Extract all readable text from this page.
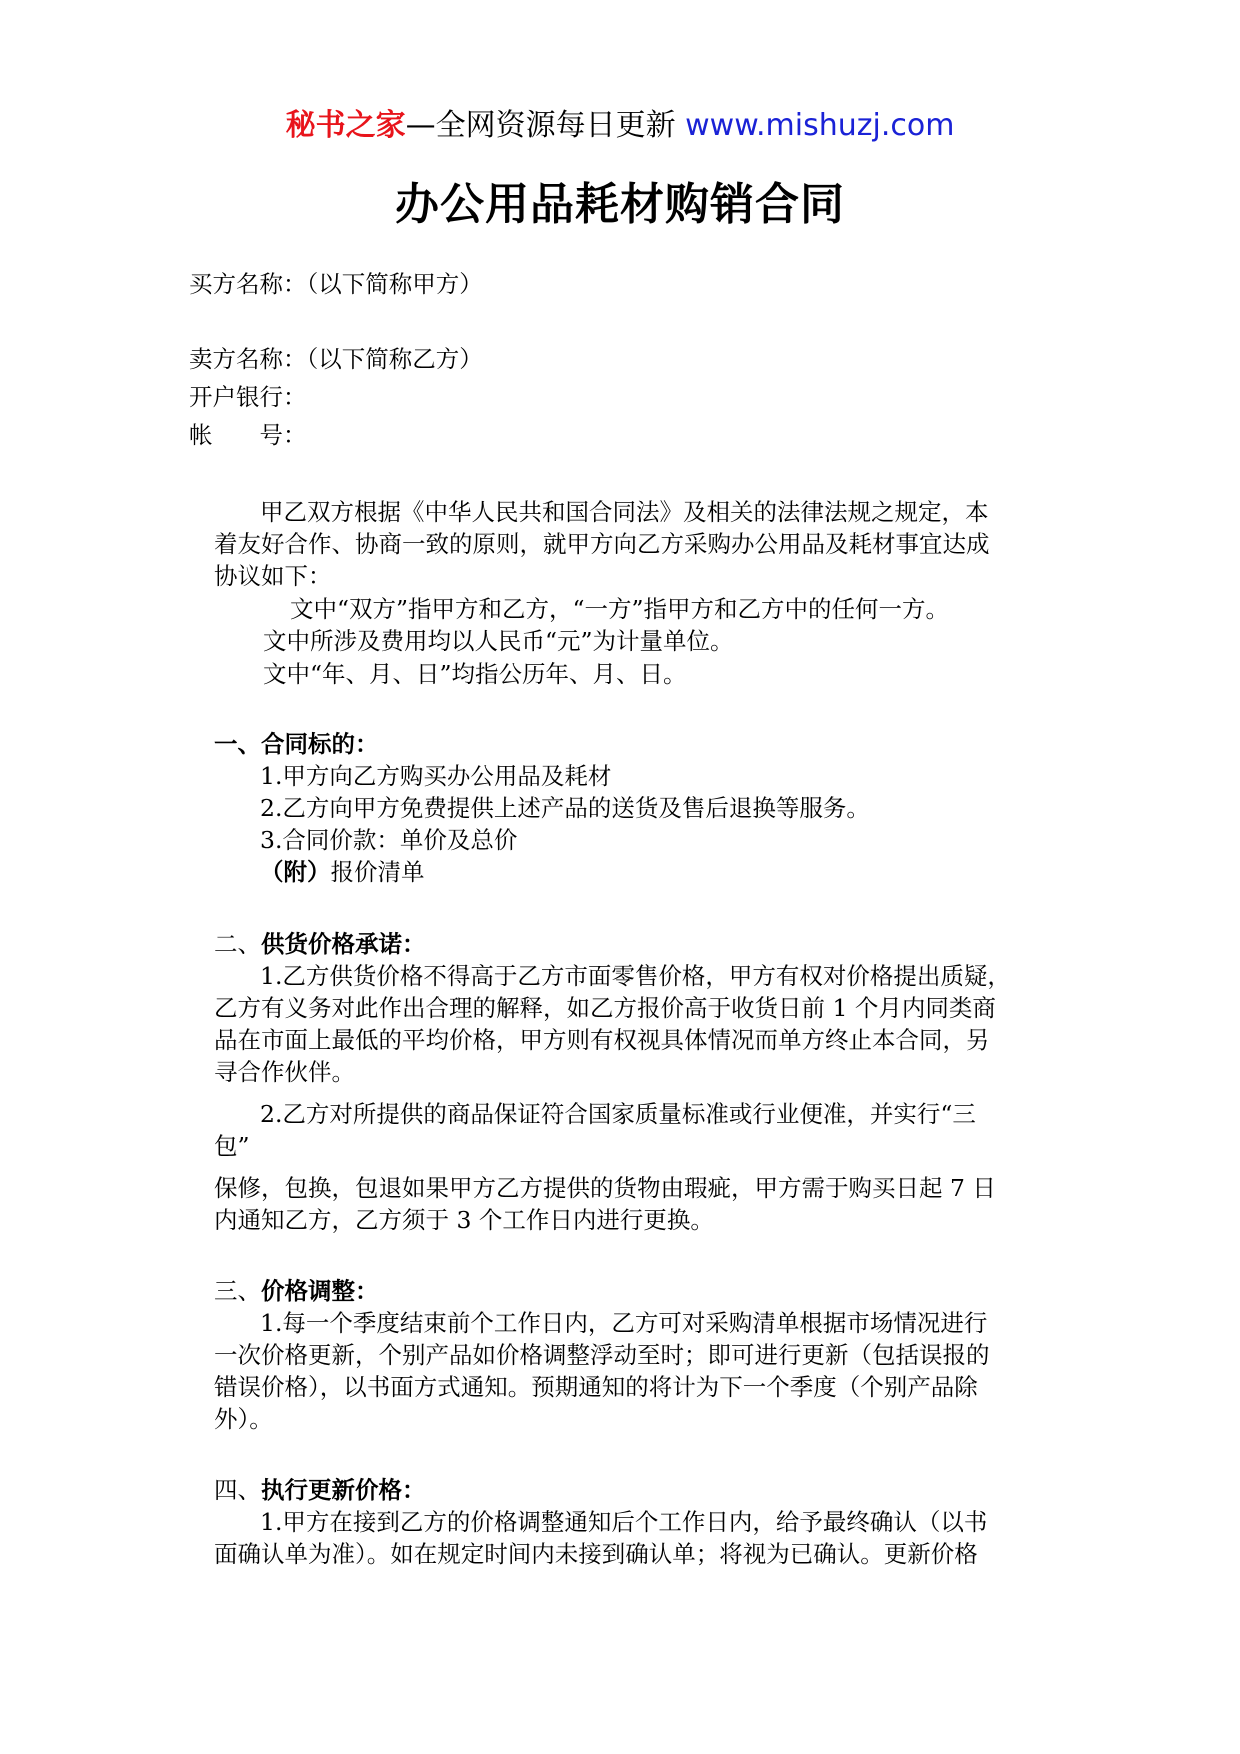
秘书之家—全网资源每日更新 www.mishuzj.com
办公用品耗材购销合同
买方名称：（以下简称甲方）
卖方名称：（以下简称乙方）
开户银行：
帐　　号：
甲乙双方根据《中华人民共和国合同法》及相关的法律法规之规定，本
着友好合作、协商一致的原则，就甲方向乙方采购办公用品及耗材事宜达成
协议如下：
文中“双方”指甲方和乙方，“一方”指甲方和乙方中的任何一方。
文中所涉及费用均以人民币“元”为计量单位。
文中“年、月、日”均指公历年、月、日。
一、合同标的：
1.甲方向乙方购买办公用品及耗材
2.乙方向甲方免费提供上述产品的送货及售后退换等服务。
3.合同价款：单价及总价
（附）报价清单
二、供货价格承诺：
1.乙方供货价格不得高于乙方市面零售价格，甲方有权对价格提出质疑，
乙方有义务对此作出合理的解释，如乙方报价高于收货日前 1 个月内同类商
品在市面上最低的平均价格，甲方则有权视具体情况而单方终止本合同，另
寻合作伙伴。
2.乙方对所提供的商品保证符合国家质量标准或行业便准，并实行“三
包”
保修，包换，包退如果甲方乙方提供的货物由瑕疵，甲方需于购买日起 7 日
内通知乙方，乙方须于 3 个工作日内进行更换。
三、价格调整：
1.每一个季度结束前个工作日内，乙方可对采购清单根据市场情况进行
一次价格更新，个别产品如价格调整浮动至时；即可进行更新（包括误报的
错误价格），以书面方式通知。预期通知的将计为下一个季度（个别产品除
外）。
四、执行更新价格：
1.甲方在接到乙方的价格调整通知后个工作日内，给予最终确认（以书
面确认单为准）。如在规定时间内未接到确认单；将视为已确认。更新价格
